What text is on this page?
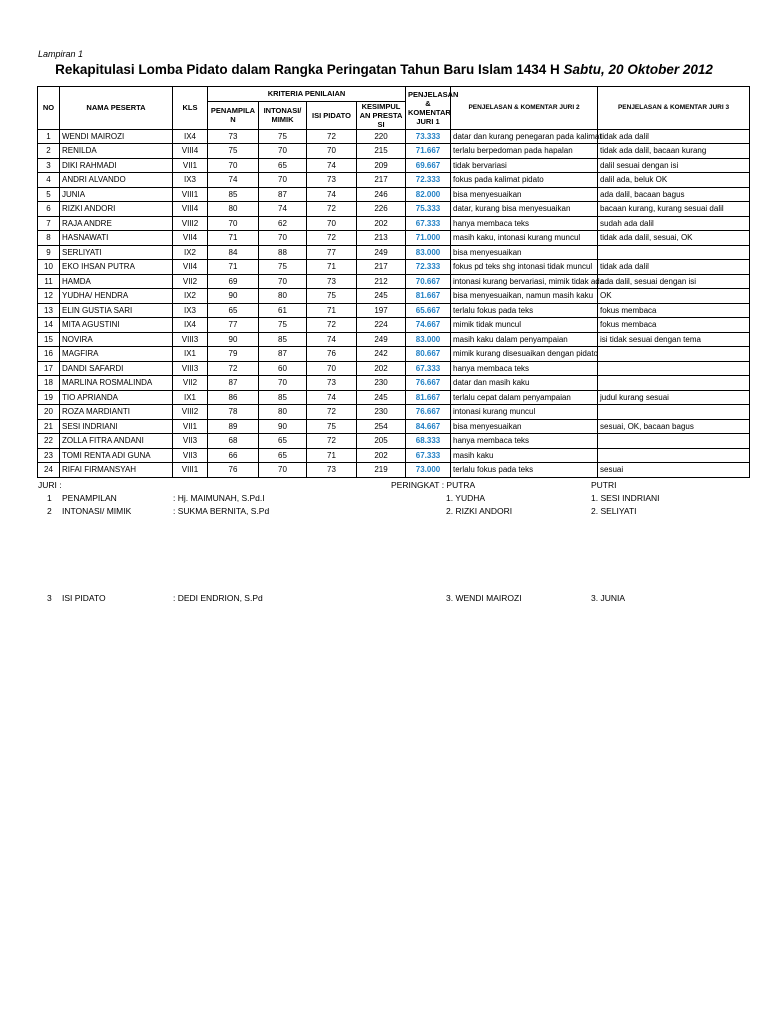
Lampiran 1
Rekapitulasi Lomba Pidato dalam Rangka Peringatan Tahun Baru Islam 1434 H Sabtu, 20 Oktober 2012
NO	NAMA PESERTA	KLS	KRITERIA PENILAIAN				PENJELASAN & KOMENTAR JURI 1	PENJELASAN & KOMENTAR JURI 2	PENJELASAN & KOMENTAR JURI 3
			PENAMPILAN	INTONASI/ MIMIK	ISI PIDATO	KESIMPULAN PRESTASI			
1	WENDI MAIROZI	IX4	73	75	72	220	73.333	datar dan kurang penegaran pada kalimat	tidak ada dalil
2	RENILDA	VIII4	75	70	70	215	71.667	terlalu berpedoman pada hapalan	tidak ada dalil, bacaan kurang
3	DIKI RAHMADI	VII1	70	65	74	209	69.667	tidak bervariasi	dalil sesuai dengan isi
4	ANDRI ALVANDO	IX3	74	70	73	217	72.333	fokus pada kalimat pidato	dalil ada, beluk OK
5	JUNIA	VIII1	85	87	74	246	82.000	bisa menyesuaikan	ada dalil, bacaan bagus
6	RIZKI ANDORI	VIII4	80	74	72	226	75.333	datar, kurang bisa menyesuaikan	bacaan kurang, kurang sesuai dalil
7	RAJA ANDRE	VIII2	70	62	70	202	67.333	hanya membaca teks	sudah ada dalil
8	HASNAWATI	VII4	71	70	72	213	71.000	masih kaku, intonasi kurang muncul	tidak ada dalil, sesuai, OK
9	SERLIYATI	IX2	84	88	77	249	83.000	bisa menyesuaikan	
10	EKO IHSAN PUTRA	VII4	71	75	71	217	72.333	fokus pd teks shg intonasi tidak muncul	tidak ada dalil
11	HAMDA	VII2	69	70	73	212	70.667	intonasi kurang bervariasi, mimik tidak ada	ada dalil, sesuai dengan isi
12	YUDHA/ HENDRA	IX2	90	80	75	245	81.667	bisa menyesuaikan, namun masih kaku	OK
13	ELIN GUSTIA SARI	IX3	65	61	71	197	65.667	terlalu fokus pada teks	fokus membaca
14	MITA AGUSTINI	IX4	77	75	72	224	74.667	mimik tidak muncul	fokus membaca
15	NOVIRA	VIII3	90	85	74	249	83.000	masih kaku dalam penyampaian	isi tidak sesuai dengan tema
16	MAGFIRA	IX1	79	87	76	242	80.667	mimik kurang disesuaikan dengan pidato	
17	DANDI SAFARDI	VIII3	72	60	70	202	67.333	hanya membaca teks	
18	MARLINA ROSMALINDA	VII2	87	70	73	230	76.667	datar dan masih kaku	
19	TIO APRIANDA	IX1	86	85	74	245	81.667	terlalu cepat dalam penyampaian	judul kurang sesuai
20	ROZA MARDIANTI	VIII2	78	80	72	230	76.667	intonasi kurang muncul	
21	SESI INDRIANI	VII1	89	90	75	254	84.667	bisa menyesuaikan	sesuai, OK, bacaan bagus
22	ZOLLA FITRA ANDANI	VII3	68	65	72	205	68.333	hanya membaca teks	
23	TOMI RENTA ADI GUNA	VII3	66	65	71	202	67.333	masih kaku	
24	RIFAI FIRMANSYAH	VIII1	76	70	73	219	73.000	terlalu fokus pada teks	sesuai
JURI :	PERINGKAT : PUTRA	PUTRI
1 PENAMPILAN	: Hj. MAIMUNAH, S.Pd.I	1. YUDHA	1. SESI INDRIANI
2 INTONASI/ MIMIK	: SUKMA BERNITA, S.Pd	2. RIZKI ANDORI	2. SELIYATI
3 ISI PIDATO	: DEDI ENDRION, S.Pd	3. WENDI MAIROZI	3. JUNIA
